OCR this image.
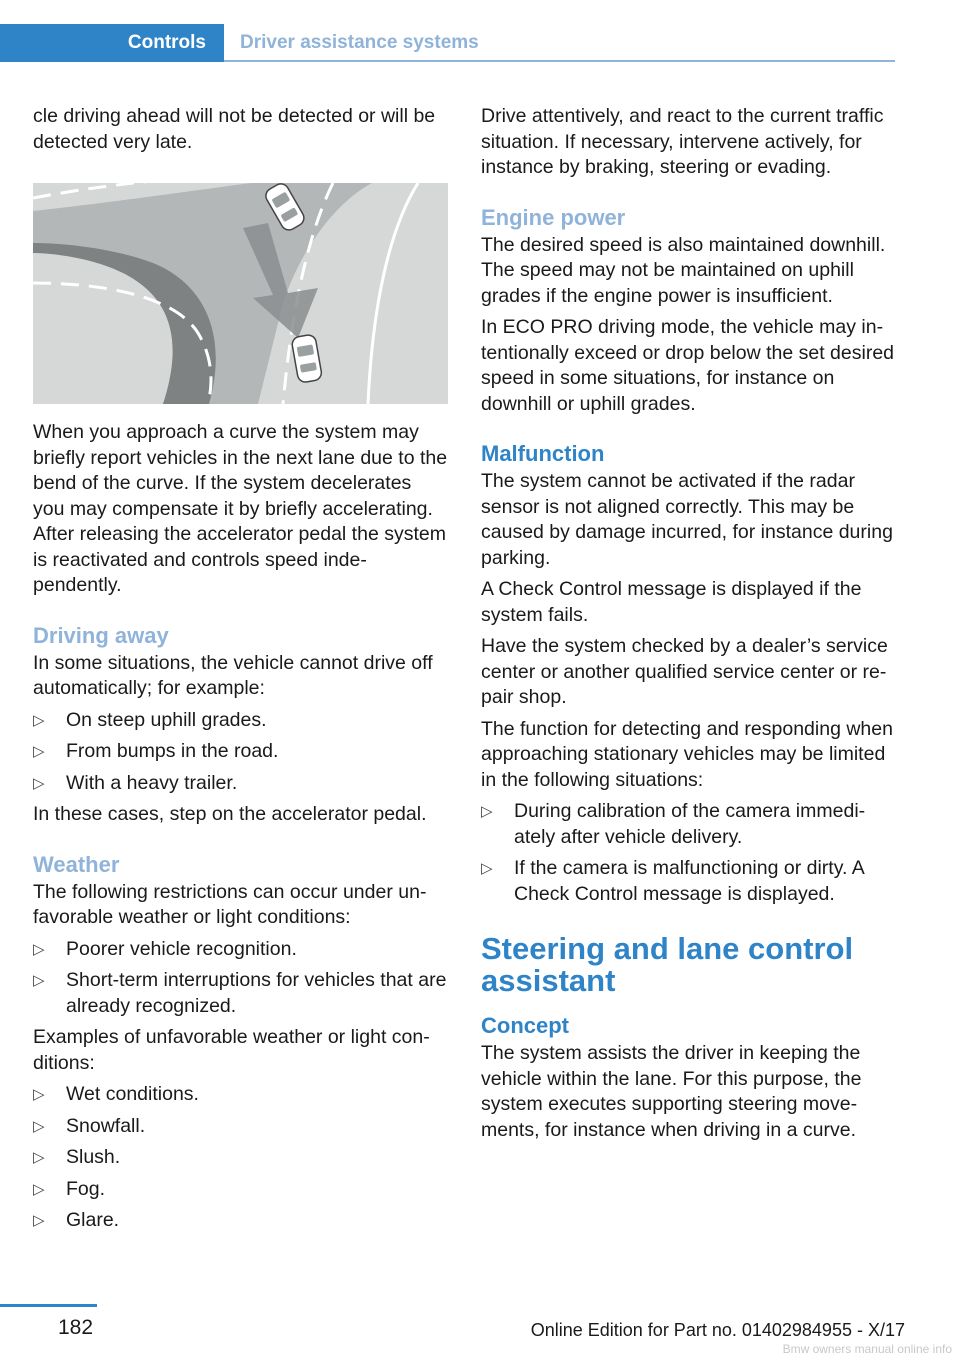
Controls Driver assistance systems

cle driving ahead will not be detected or will be detected very late.

When you approach a curve the system may briefly report vehicles in the next lane due to the bend of the curve. If the system decelerates you may compensate it by briefly accelerating. After releasing the accelerator pedal the system is reactivated and controls speed independently.

Driving away

In some situations, the vehicle cannot drive off automatically; for example:

▷ On steep uphill grades.
▷ From bumps in the road.
▷ With a heavy trailer.

In these cases, step on the accelerator pedal.

Weather

The following restrictions can occur under unfavorable weather or light conditions:

▷ Poorer vehicle recognition.
▷ Short-term interruptions for vehicles that are already recognized.

Examples of unfavorable weather or light conditions:

▷ Wet conditions.
▷ Snowfall.
▷ Slush.
▷ Fog.
▷ Glare.

Drive attentively, and react to the current traffic situation. If necessary, intervene actively, for instance by braking, steering or evading.

Engine power

The desired speed is also maintained downhill. The speed may not be maintained on uphill grades if the engine power is insufficient.

In ECO PRO driving mode, the vehicle may intentionally exceed or drop below the set desired speed in some situations, for instance on downhill or uphill grades.

Malfunction

The system cannot be activated if the radar sensor is not aligned correctly. This may be caused by damage incurred, for instance during parking.

A Check Control message is displayed if the system fails.

Have the system checked by a dealer’s service center or another qualified service center or repair shop.

The function for detecting and responding when approaching stationary vehicles may be limited in the following situations:

▷ During calibration of the camera immediately after vehicle delivery.
▷ If the camera is malfunctioning or dirty. A Check Control message is displayed.
Steering and lane control assistant
Concept

The system assists the driver in keeping the vehicle within the lane. For this purpose, the system executes supporting steering movements, for instance when driving in a curve.

182	Online Edition for Part no. 01402984955 - X/17
Bmw owners manual online info
